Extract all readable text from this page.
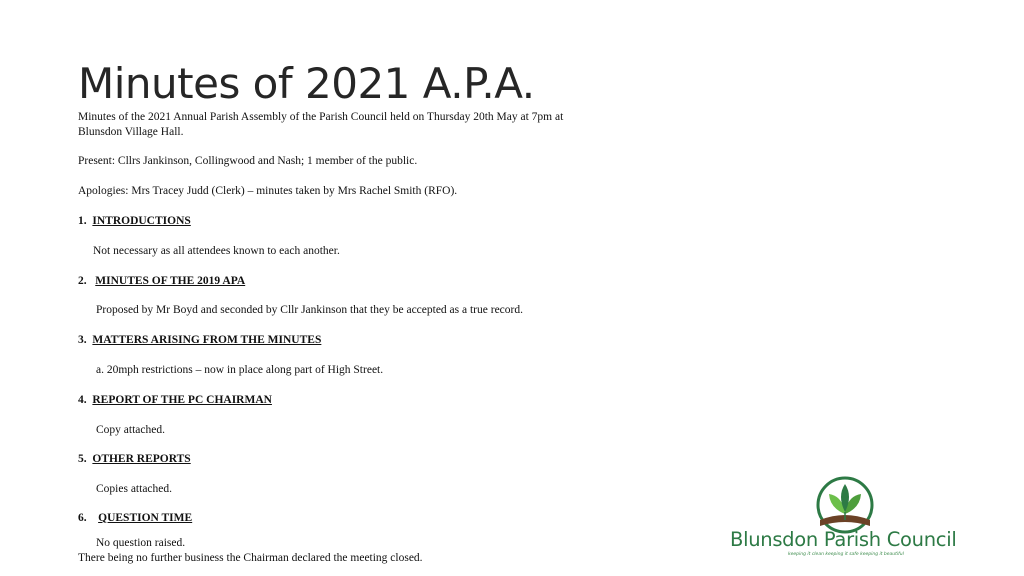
Minutes of 2021 A.P.A.
Minutes of the 2021 Annual Parish Assembly of the Parish Council held on Thursday 20th May at 7pm at Blunsdon Village Hall.
Present: Cllrs Jankinson, Collingwood and Nash; 1 member of the public.
Apologies: Mrs Tracey Judd (Clerk) – minutes taken by Mrs Rachel Smith (RFO).
1. INTRODUCTIONS
Not necessary as all attendees known to each another.
2. MINUTES OF THE 2019 APA
Proposed by Mr Boyd and seconded by Cllr Jankinson that they be accepted as a true record.
3. MATTERS ARISING FROM THE MINUTES
a. 20mph restrictions – now in place along part of High Street.
4.  REPORT OF THE PC CHAIRMAN
Copy attached.
5. OTHER REPORTS
Copies attached.
6. QUESTION TIME
No question raised.
There being no further business the Chairman declared the meeting closed.
Blunsdon Parish Council
keeping it clean keeping it safe keeping it beautiful
